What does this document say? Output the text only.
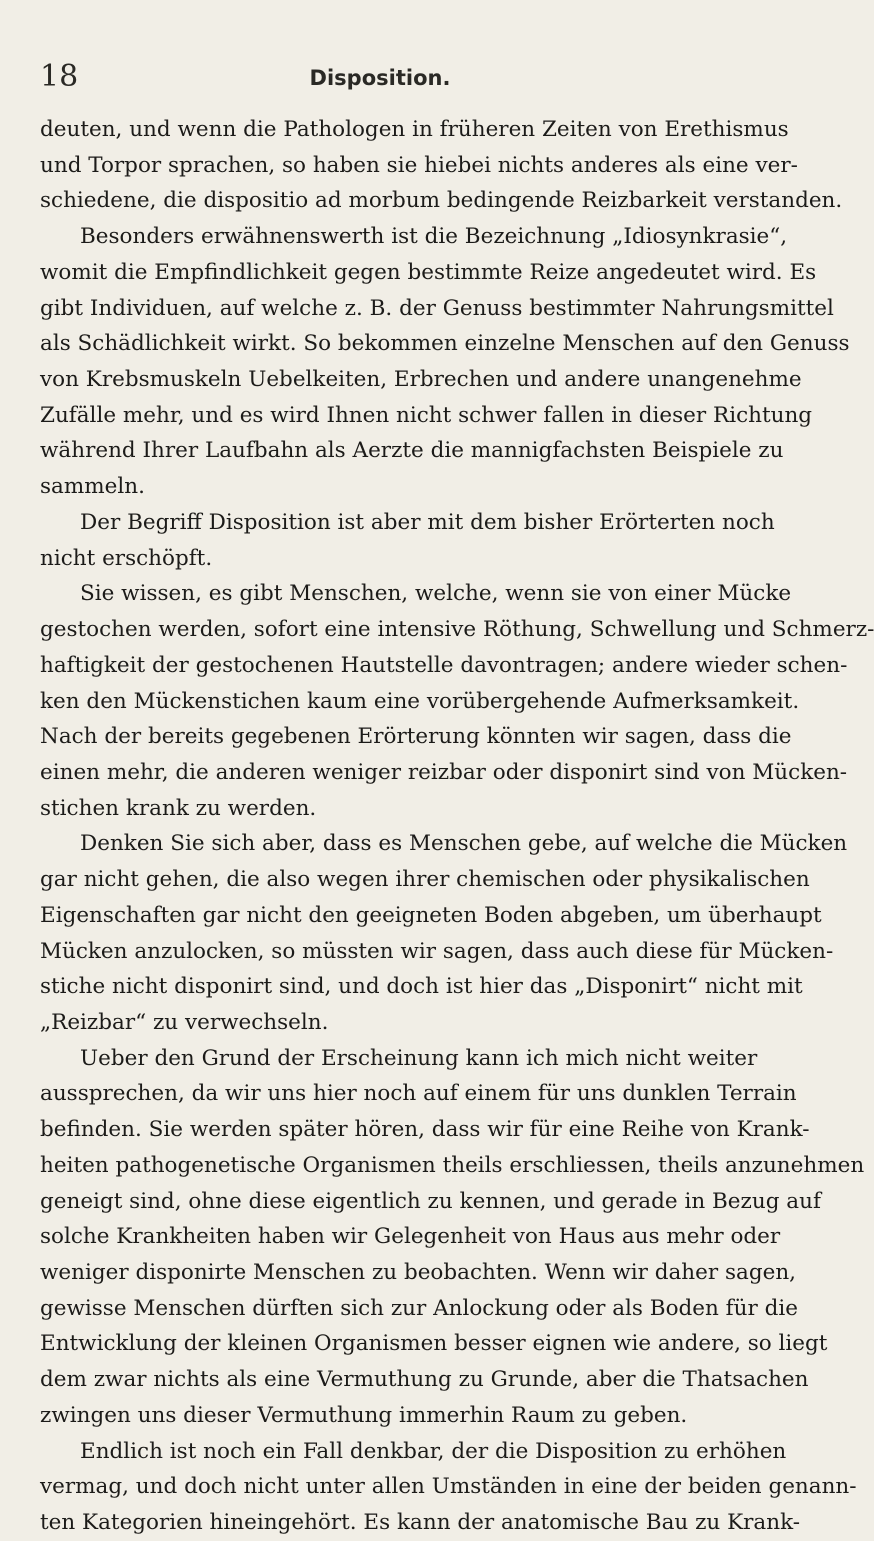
18	Disposition.
deuten, und wenn die Pathologen in früheren Zeiten von Erethismus
und Torpor sprachen, so haben sie hiebei nichts anderes als eine ver-
schiedene, die dispositio ad morbum bedingende Reizbarkeit verstanden.
Besonders erwähnenswerth ist die Bezeichnung „Idiosynkrasie“,
womit die Empfindlichkeit gegen bestimmte Reize angedeutet wird. Es
gibt Individuen, auf welche z. B. der Genuss bestimmter Nahrungsmittel
als Schädlichkeit wirkt. So bekommen einzelne Menschen auf den Genuss
von Krebsmuskeln Uebelkeiten, Erbrechen und andere unangenehme
Zufälle mehr, und es wird Ihnen nicht schwer fallen in dieser Richtung
während Ihrer Laufbahn als Aerzte die mannigfachsten Beispiele zu
sammeln.
Der Begriff Disposition ist aber mit dem bisher Erörterten noch
nicht erschöpft.
Sie wissen, es gibt Menschen, welche, wenn sie von einer Mücke
gestochen werden, sofort eine intensive Röthung, Schwellung und Schmerz-
haftigkeit der gestochenen Hautstelle davontragen; andere wieder schen-
ken den Mückenstichen kaum eine vorübergehende Aufmerksamkeit.
Nach der bereits gegebenen Erörterung könnten wir sagen, dass die
einen mehr, die anderen weniger reizbar oder disponirt sind von Mücken-
stichen krank zu werden.
Denken Sie sich aber, dass es Menschen gebe, auf welche die Mücken
gar nicht gehen, die also wegen ihrer chemischen oder physikalischen
Eigenschaften gar nicht den geeigneten Boden abgeben, um überhaupt
Mücken anzulocken, so müssten wir sagen, dass auch diese für Mücken-
stiche nicht disponirt sind, und doch ist hier das „Disponirt“ nicht mit
„Reizbar“ zu verwechseln.
Ueber den Grund der Erscheinung kann ich mich nicht weiter
aussprechen, da wir uns hier noch auf einem für uns dunklen Terrain
befinden. Sie werden später hören, dass wir für eine Reihe von Krank-
heiten pathogenetische Organismen theils erschliessen, theils anzunehmen
geneigt sind, ohne diese eigentlich zu kennen, und gerade in Bezug auf
solche Krankheiten haben wir Gelegenheit von Haus aus mehr oder
weniger disponirte Menschen zu beobachten. Wenn wir daher sagen,
gewisse Menschen dürften sich zur Anlockung oder als Boden für die
Entwicklung der kleinen Organismen besser eignen wie andere, so liegt
dem zwar nichts als eine Vermuthung zu Grunde, aber die Thatsachen
zwingen uns dieser Vermuthung immerhin Raum zu geben.
Endlich ist noch ein Fall denkbar, der die Disposition zu erhöhen
vermag, und doch nicht unter allen Umständen in eine der beiden genann-
ten Kategorien hineingehört. Es kann der anatomische Bau zu Krank-
